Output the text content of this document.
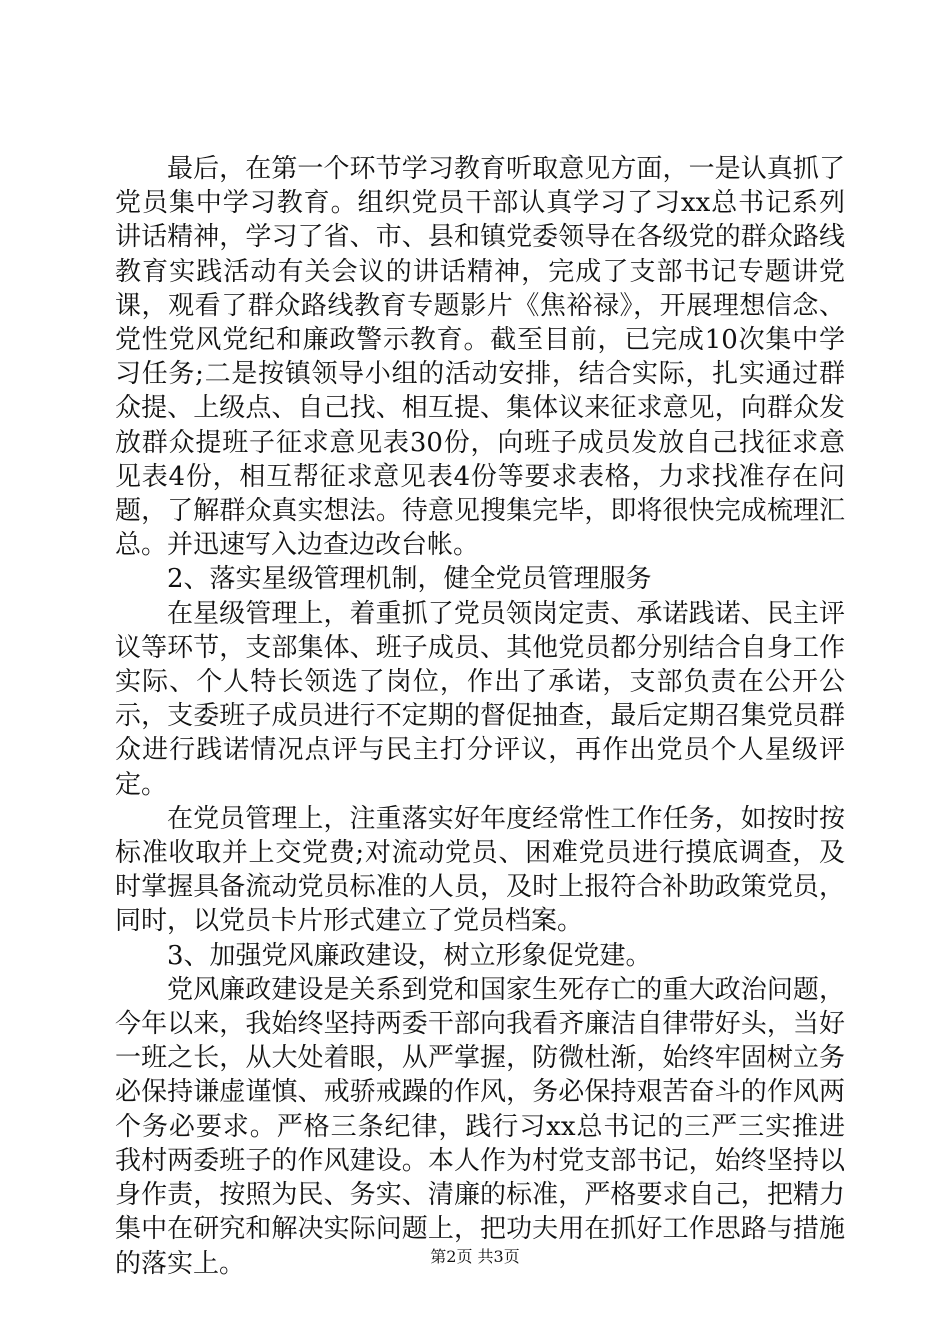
最后，在第一个环节学习教育听取意见方面，一是认真抓了党员集中学习教育。组织党员干部认真学习了习xx总书记系列讲话精神，学习了省、市、县和镇党委领导在各级党的群众路线教育实践活动有关会议的讲话精神，完成了支部书记专题讲党课，观看了群众路线教育专题影片《焦裕禄》，开展理想信念、党性党风党纪和廉政警示教育。截至目前，已完成10次集中学习任务;二是按镇领导小组的活动安排，结合实际，扎实通过群众提、上级点、自己找、相互提、集体议来征求意见，向群众发放群众提班子征求意见表30份，向班子成员发放自己找征求意见表4份，相互帮征求意见表4份等要求表格，力求找准存在问题，了解群众真实想法。待意见搜集完毕，即将很快完成梳理汇总。并迅速写入边查边改台帐。

2、落实星级管理机制，健全党员管理服务

在星级管理上，着重抓了党员领岗定责、承诺践诺、民主评议等环节，支部集体、班子成员、其他党员都分别结合自身工作实际、个人特长领选了岗位，作出了承诺，支部负责在公开公示，支委班子成员进行不定期的督促抽查，最后定期召集党员群众进行践诺情况点评与民主打分评议，再作出党员个人星级评定。

在党员管理上，注重落实好年度经常性工作任务，如按时按标准收取并上交党费;对流动党员、困难党员进行摸底调查，及时掌握具备流动党员标准的人员，及时上报符合补助政策党员，同时，以党员卡片形式建立了党员档案。

3、加强党风廉政建设，树立形象促党建。

党风廉政建设是关系到党和国家生死存亡的重大政治问题，今年以来，我始终坚持两委干部向我看齐廉洁自律带好头，当好一班之长，从大处着眼，从严掌握，防微杜渐，始终牢固树立务必保持谦虚谨慎、戒骄戒躁的作风，务必保持艰苦奋斗的作风两个务必要求。严格三条纪律，践行习xx总书记的三严三实推进我村两委班子的作风建设。本人作为村党支部书记，始终坚持以身作责，按照为民、务实、清廉的标准，严格要求自己，把精力集中在研究和解决实际问题上，把功夫用在抓好工作思路与措施的落实上。	第2页 共3页
